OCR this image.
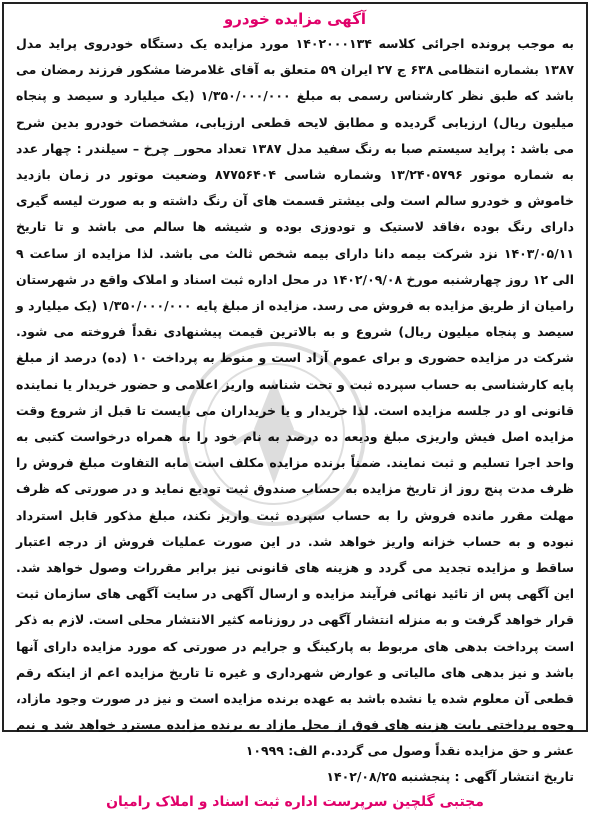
آگهی مزایده خودرو

به موجب پرونده اجرائی کلاسه ۱۴۰۲۰۰۰۱۳۴ مورد مزایده یک دستگاه خودروی پراید مدل ۱۳۸۷ بشماره انتظامی ۶۳۸ ج ۲۷ ایران ۵۹ متعلق به آقای غلامرضا مشکور فرزند رمضان می باشد که طبق نظر کارشناس رسمی به مبلغ ۱/۳۵۰/۰۰۰/۰۰۰ (یک میلیارد و سیصد و پنجاه میلیون ریال) ارزیابی گردیده و مطابق لایحه قطعی ارزیابی، مشخصات خودرو بدین شرح می باشد : پراید سیستم صبا به رنگ سفید مدل ۱۳۸۷ تعداد محور_ چرخ – سیلندر : چهار عدد به شماره موتور ۱۳/۲۴۰۵۷۹۶ وشماره شاسی ۸۷۷۵۶۴۰۴ وضعیت موتور در زمان بازدید خاموش و خودرو سالم است ولی بیشتر قسمت های آن رنگ داشته و به صورت لیسه گیری دارای رنگ بوده ،فاقد لاستیک و تودوزی بوده و شیشه ها سالم می باشد و تا تاریخ ۱۴۰۳/۰۵/۱۱ نزد شرکت بیمه دانا دارای بیمه شخص ثالث می باشد. لذا مزایده از ساعت ۹ الی ۱۲ روز چهارشنبه مورخ ۱۴۰۲/۰۹/۰۸ در محل اداره ثبت اسناد و املاک واقع در شهرستان رامیان از طریق مزایده به فروش می رسد. مزایده از مبلغ پایه ۱/۳۵۰/۰۰۰/۰۰۰ (یک میلیارد و سیصد و پنجاه میلیون ریال) شروع و به بالاترین قیمت پیشنهادی نقداً فروخته می شود. شرکت در مزایده حضوری و برای عموم آزاد است و منوط به پرداخت ۱۰ (ده) درصد از مبلغ پایه کارشناسی به حساب سپرده ثبت و تحت شناسه واریز اعلامی و حضور خریدار یا نماینده قانونی او در جلسه مزایده است. لذا خریدار و یا خریداران می بایست تا قبل از شروع وقت مزایده اصل فیش واریزی مبلغ ودیعه ده درصد به نام خود را به همراه درخواست کتبی به واحد اجرا تسلیم و ثبت نمایند. ضمناً برنده مزایده مکلف است مابه التفاوت مبلغ فروش را ظرف مدت پنج روز از تاریخ مزایده به حساب صندوق ثبت تودیع نماید و در صورتی که ظرف مهلت مقرر مانده فروش را به حساب سپرده ثبت واریز نکند، مبلغ مذکور قابل استرداد نبوده و به حساب خزانه واریز خواهد شد. در این صورت عملیات فروش از درجه اعتبار ساقط و مزایده تجدید می گردد و هزینه های قانونی نیز برابر مقررات وصول خواهد شد. این آگهی پس از تائید نهائی فرآیند مزایده و ارسال آگهی در سایت آگهی های سازمان ثبت قرار خواهد گرفت و به منزله انتشار آگهی در روزنامه کثیر الانتشار محلی است. لازم به ذکر است پرداخت بدهی های مربوط به پارکینگ و جرایم در صورتی که مورد مزایده دارای آنها باشد و نیز بدهی های مالیاتی و عوارض شهرداری و غیره تا تاریخ مزایده اعم از اینکه رقم قطعی آن معلوم شده یا نشده باشد به عهده برنده مزایده است و نیز در صورت وجود مازاد، وجوه پرداختی بابت هزینه های فوق از محل مازاد به برنده مزایده مسترد خواهد شد و نیم عشر و حق مزایده نقداً وصول می گردد.م الف: ۱۰۹۹۹

تاریخ انتشار آگهی : پنجشنبه ۱۴۰۲/۰۸/۲۵

مجتبی گلچین سرپرست اداره ثبت اسناد و املاک رامیان
